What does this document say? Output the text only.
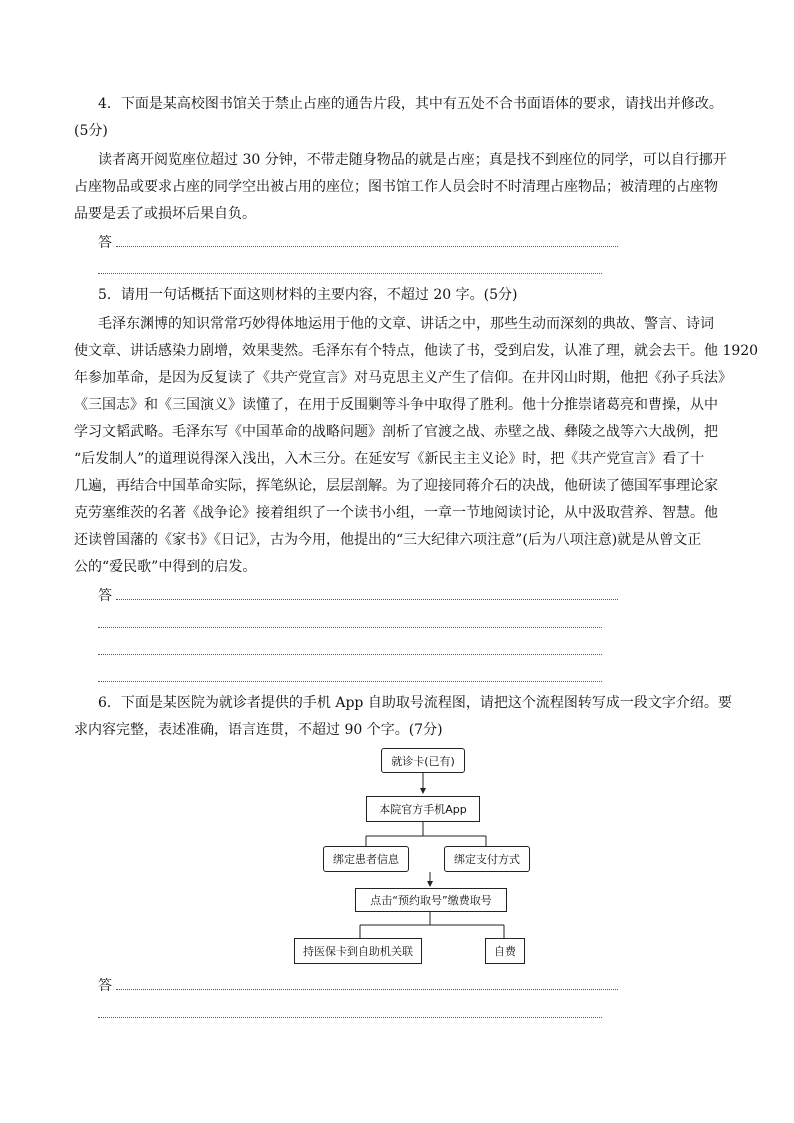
4．下面是某高校图书馆关于禁止占座的通告片段，其中有五处不合书面语体的要求，请找出并修改。
(5分)
读者离开阅览座位超过 30 分钟，不带走随身物品的就是占座；真是找不到座位的同学，可以自行挪开
占座物品或要求占座的同学空出被占用的座位；图书馆工作人员会时不时清理占座物品；被清理的占座物
品要是丢了或损坏后果自负。
答
5．请用一句话概括下面这则材料的主要内容，不超过 20 字。(5分)
毛泽东渊博的知识常常巧妙得体地运用于他的文章、讲话之中，那些生动而深刻的典故、警言、诗词
使文章、讲话感染力剧增，效果斐然。毛泽东有个特点，他读了书，受到启发，认准了理，就会去干。他 1920
年参加革命，是因为反复读了《共产党宣言》对马克思主义产生了信仰。在井冈山时期，他把《孙子兵法》
《三国志》和《三国演义》读懂了，在用于反围剿等斗争中取得了胜利。他十分推崇诸葛亮和曹操，从中
学习文韬武略。毛泽东写《中国革命的战略问题》剖析了官渡之战、赤壁之战、彝陵之战等六大战例，把
“后发制人”的道理说得深入浅出，入木三分。在延安写《新民主主义论》时，把《共产党宣言》看了十
几遍，再结合中国革命实际，挥笔纵论，层层剖解。为了迎接同蒋介石的决战，他研读了德国军事理论家
克劳塞维茨的名著《战争论》接着组织了一个读书小组，一章一节地阅读讨论，从中汲取营养、智慧。他
还读曾国藩的《家书》《日记》，古为今用，他提出的“三大纪律六项注意”(后为八项注意)就是从曾文正
公的“爱民歌”中得到的启发。
答
6．下面是某医院为就诊者提供的手机 App 自助取号流程图，请把这个流程图转写成一段文字介绍。要
求内容完整，表述准确，语言连贯，不超过 90 个字。(7分)
就诊卡(已有)
本院官方手机App
绑定患者信息	绑定支付方式
点击“预约取号”缴费取号
持医保卡到自助机关联	自费
答
